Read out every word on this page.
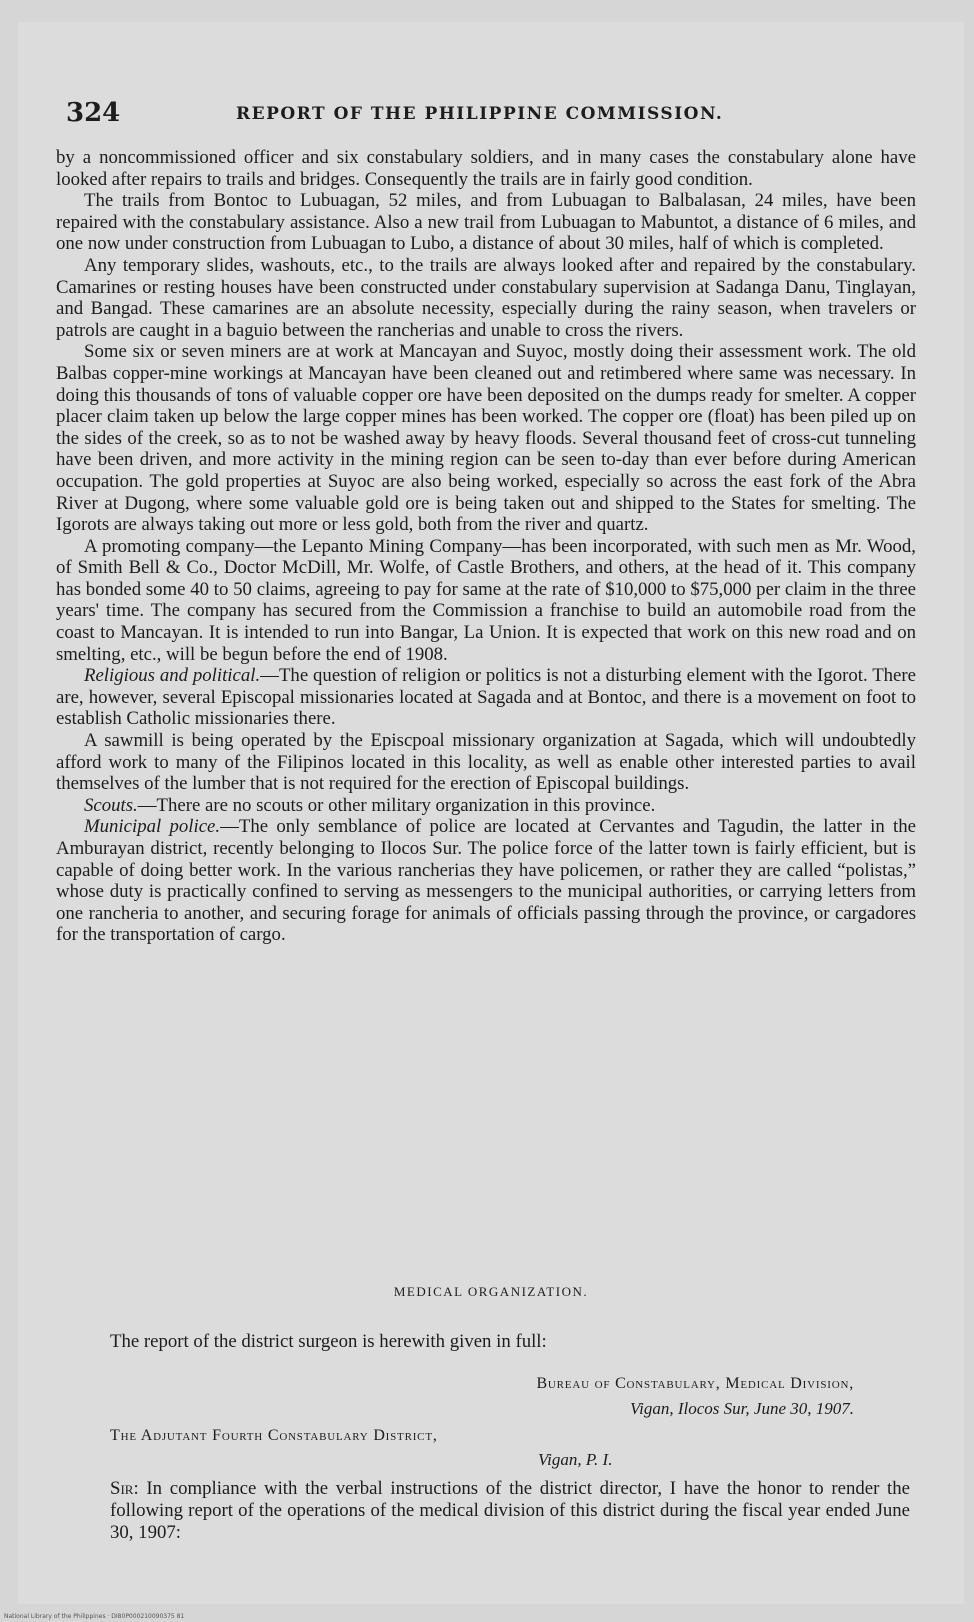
324	REPORT OF THE PHILIPPINE COMMISSION.

by a noncommissioned officer and six constabulary soldiers, and in many cases the constabulary alone have looked after repairs to trails and bridges. Consequently the trails are in fairly good condition.

The trails from Bontoc to Lubuagan, 52 miles, and from Lubuagan to Balbalasan, 24 miles, have been repaired with the constabulary assistance. Also a new trail from Lubuagan to Mabuntot, a distance of 6 miles, and one now under construction from Lubuagan to Lubo, a distance of about 30 miles, half of which is completed.

Any temporary slides, washouts, etc., to the trails are always looked after and repaired by the constabulary. Camarines or resting houses have been constructed under constabulary supervision at Sadanga Danu, Tinglayan, and Bangad. These camarines are an absolute necessity, especially during the rainy season, when travelers or patrols are caught in a baguio between the rancherias and unable to cross the rivers.

Some six or seven miners are at work at Mancayan and Suyoc, mostly doing their assessment work. The old Balbas copper-mine workings at Mancayan have been cleaned out and retimbered where same was necessary. In doing this thousands of tons of valuable copper ore have been deposited on the dumps ready for smelter. A copper placer claim taken up below the large copper mines has been worked. The copper ore (float) has been piled up on the sides of the creek, so as to not be washed away by heavy floods. Several thousand feet of cross-cut tunneling have been driven, and more activity in the mining region can be seen to-day than ever before during American occupation. The gold properties at Suyoc are also being worked, especially so across the east fork of the Abra River at Dugong, where some valuable gold ore is being taken out and shipped to the States for smelting. The Igorots are always taking out more or less gold, both from the river and quartz.

A promoting company—the Lepanto Mining Company—has been incorporated, with such men as Mr. Wood, of Smith Bell & Co., Doctor McDill, Mr. Wolfe, of Castle Brothers, and others, at the head of it. This company has bonded some 40 to 50 claims, agreeing to pay for same at the rate of $10,000 to $75,000 per claim in the three years' time. The company has secured from the Commission a franchise to build an automobile road from the coast to Mancayan. It is intended to run into Bangar, La Union. It is expected that work on this new road and on smelting, etc., will be begun before the end of 1908.

Religious and political.—The question of religion or politics is not a disturbing element with the Igorot. There are, however, several Episcopal missionaries located at Sagada and at Bontoc, and there is a movement on foot to establish Catholic missionaries there.

A sawmill is being operated by the Episcpoal missionary organization at Sagada, which will undoubtedly afford work to many of the Filipinos located in this locality, as well as enable other interested parties to avail themselves of the lumber that is not required for the erection of Episcopal buildings.

Scouts.—There are no scouts or other military organization in this province.

Municipal police.—The only semblance of police are located at Cervantes and Tagudin, the latter in the Amburayan district, recently belonging to Ilocos Sur. The police force of the latter town is fairly efficient, but is capable of doing better work. In the various rancherias they have policemen, or rather they are called “polistas,” whose duty is practically confined to serving as messengers to the municipal authorities, or carrying letters from one rancheria to another, and securing forage for animals of officials passing through the province, or cargadores for the transportation of cargo.

MEDICAL ORGANIZATION.
The report of the district surgeon is herewith given in full:
Bureau of Constabulary, Medical Division,
Vigan, Ilocos Sur, June 30, 1907.
The Adjutant Fourth Constabulary District,
Vigan, P. I.
Sir: In compliance with the verbal instructions of the district director, I have the honor to render the following report of the operations of the medical division of this district during the fiscal year ended June 30, 1907:
National Library of the Philippines · DI80P000210090375 81
